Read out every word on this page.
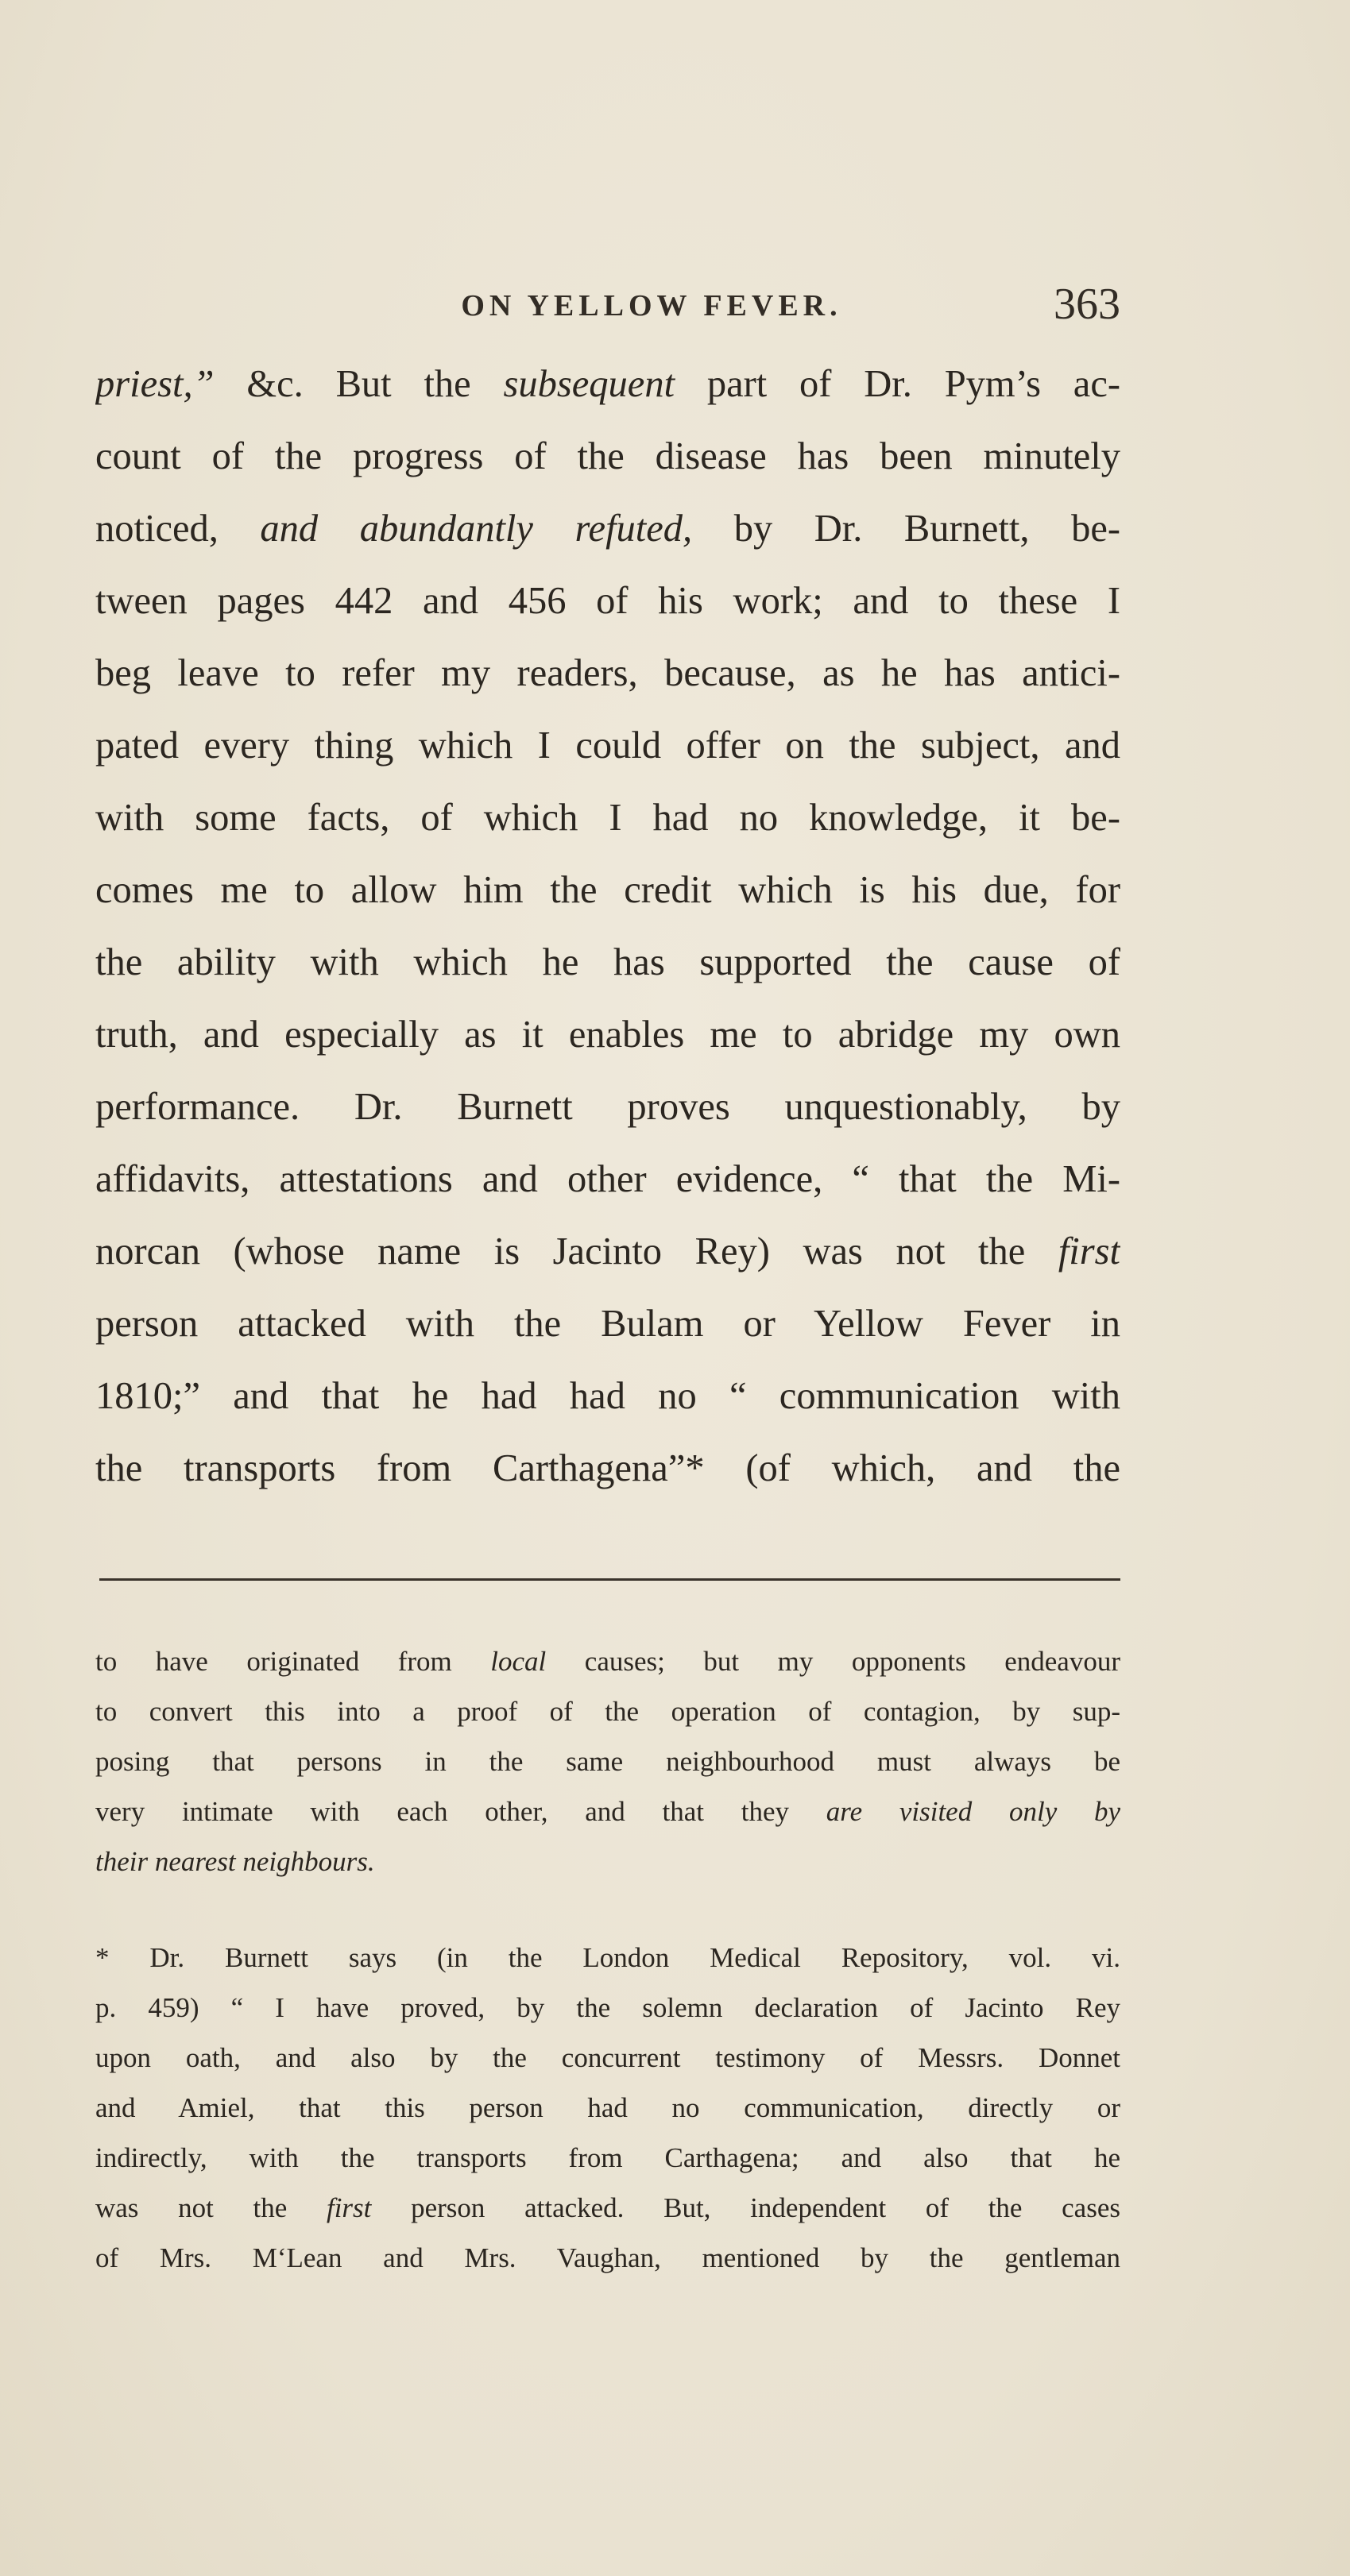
ON YELLOW FEVER.	363
priest,” &c. But the subsequent part of Dr. Pym’s ac-
count of the progress of the disease has been minutely
noticed, and abundantly refuted, by Dr. Burnett, be-
tween pages 442 and 456 of his work; and to these I
beg leave to refer my readers, because, as he has antici-
pated every thing which I could offer on the subject, and
with some facts, of which I had no knowledge, it be-
comes me to allow him the credit which is his due, for
the ability with which he has supported the cause of
truth, and especially as it enables me to abridge my own
performance. Dr. Burnett proves unquestionably, by
affidavits, attestations and other evidence, “ that the Mi-
norcan (whose name is Jacinto Rey) was not the first
person attacked with the Bulam or Yellow Fever in
1810;” and that he had had no “ communication with
the transports from Carthagena”* (of which, and the
to have originated from local causes; but my opponents endeavour
to convert this into a proof of the operation of contagion, by sup-
posing that persons in the same neighbourhood must always be
very intimate with each other, and that they are visited only by
their nearest neighbours.
* Dr. Burnett says (in the London Medical Repository, vol. vi.
p. 459) “ I have proved, by the solemn declaration of Jacinto Rey
upon oath, and also by the concurrent testimony of Messrs. Donnet
and Amiel, that this person had no communication, directly or
indirectly, with the transports from Carthagena; and also that he
was not the first person attacked. But, independent of the cases
of Mrs. M‘Lean and Mrs. Vaughan, mentioned by the gentleman
